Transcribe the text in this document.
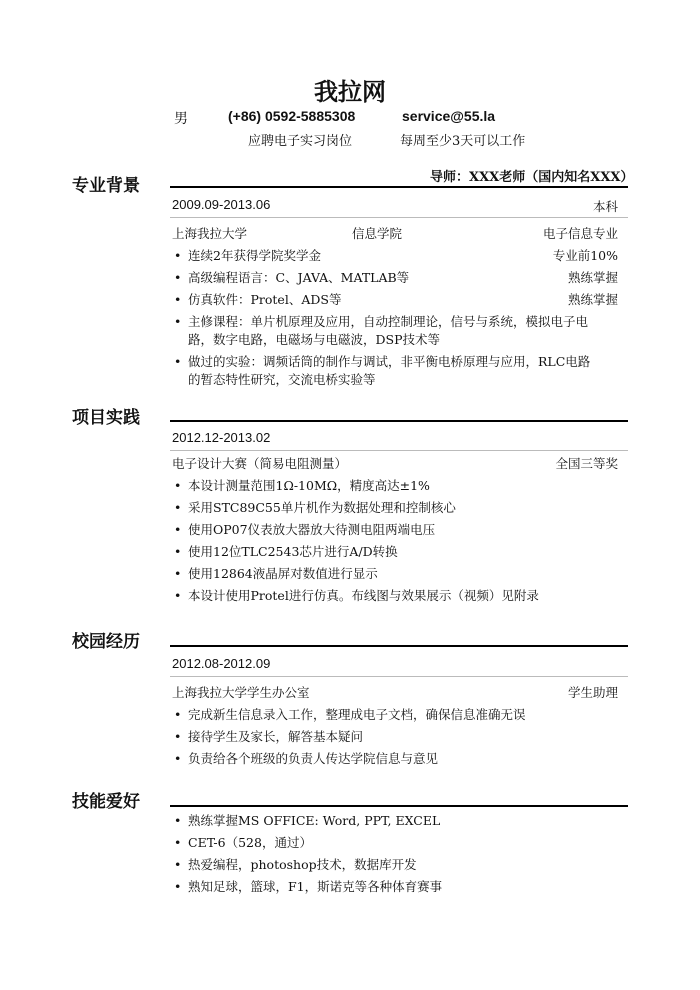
我拉网
男	(+86) 0592-5885308	service@55.la
应聘电子实习岗位	每周至少3天可以工作
专业背景	导师：XXX老师（国内知名XXX）
2009.09-2013.06	本科
上海我拉大学	信息学院	电子信息专业
• 连续2年获得学院奖学金	专业前10%
• 高级编程语言：C、JAVA、MATLAB等	熟练掌握
• 仿真软件：Protel、ADS等	熟练掌握
• 主修课程：单片机原理及应用，自动控制理论，信号与系统，模拟电子电路，数字电路，电磁场与电磁波，DSP技术等
• 做过的实验：调频话筒的制作与调试，非平衡电桥原理与应用，RLC电路的暂态特性研究，交流电桥实验等
项目实践
2012.12-2013.02
电子设计大赛（简易电阻测量）	全国三等奖
• 本设计测量范围1Ω-10MΩ，精度高达±1%
• 采用STC89C55单片机作为数据处理和控制核心
• 使用OP07仪表放大器放大待测电阻两端电压
• 使用12位TLC2543芯片进行A/D转换
• 使用12864液晶屏对数值进行显示
• 本设计使用Protel进行仿真。布线图与效果展示（视频）见附录
校园经历
2012.08-2012.09
上海我拉大学学生办公室	学生助理
• 完成新生信息录入工作，整理成电子文档，确保信息准确无误
• 接待学生及家长，解答基本疑问
• 负责给各个班级的负责人传达学院信息与意见
技能爱好
• 熟练掌握MS OFFICE: Word, PPT, EXCEL
• CET-6（528，通过）
• 热爱编程，photoshop技术，数据库开发
• 熟知足球，篮球，F1，斯诺克等各种体育赛事
